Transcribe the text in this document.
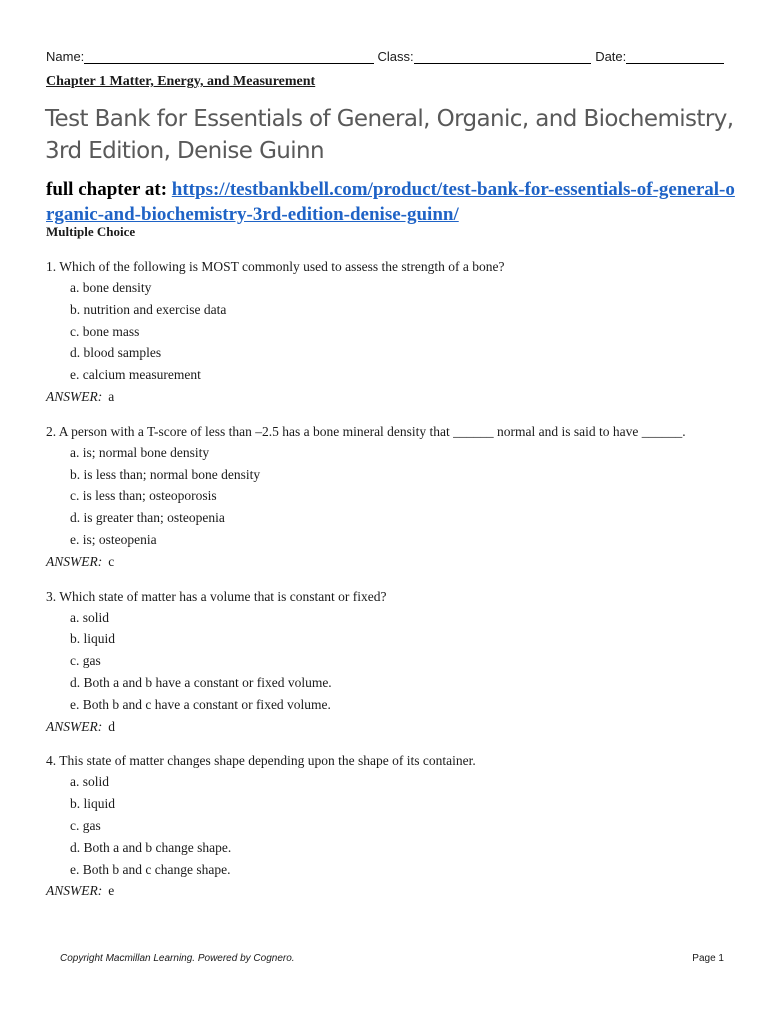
Name:	Class:	Date:
Chapter 1 Matter, Energy, and Measurement
Test Bank for Essentials of General, Organic, and Biochemistry, 3rd Edition, Denise Guinn
full chapter at: https://testbankbell.com/product/test-bank-for-essentials-of-general-organic-and-biochemistry-3rd-edition-denise-guinn/
Multiple Choice
1. Which of the following is MOST commonly used to assess the strength of a bone?
a. bone density
b. nutrition and exercise data
c. bone mass
d. blood samples
e. calcium measurement
ANSWER: a
2. A person with a T-score of less than –2.5 has a bone mineral density that ______ normal and is said to have ______.
a. is; normal bone density
b. is less than; normal bone density
c. is less than; osteoporosis
d. is greater than; osteopenia
e. is; osteopenia
ANSWER: c
3. Which state of matter has a volume that is constant or fixed?
a. solid
b. liquid
c. gas
d. Both a and b have a constant or fixed volume.
e. Both b and c have a constant or fixed volume.
ANSWER: d
4. This state of matter changes shape depending upon the shape of its container.
a. solid
b. liquid
c. gas
d. Both a and b change shape.
e. Both b and c change shape.
ANSWER: e
Copyright Macmillan Learning. Powered by Cognero.	Page 1
